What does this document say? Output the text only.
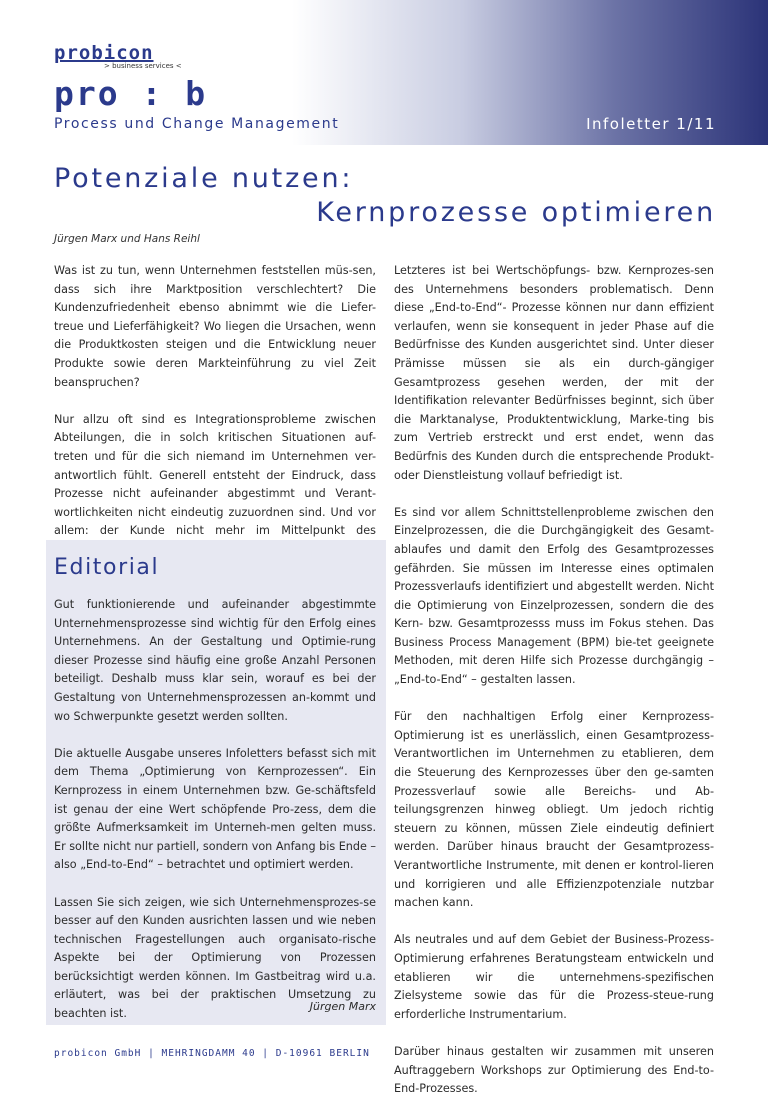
probicon
> business services <
pro : b
Process und Change Management	Infoletter 1/11
Potenziale nutzen:
Kernprozesse optimieren
Jürgen Marx und Hans Reihl

Was ist zu tun, wenn Unternehmen feststellen müs-sen, dass sich ihre Marktposition verschlechtert? Die Kundenzufriedenheit ebenso abnimmt wie die Liefer-treue und Lieferfähigkeit? Wo liegen die Ursachen, wenn die Produktkosten steigen und die Entwicklung neuer Produkte sowie deren Markteinführung zu viel Zeit beanspruchen?

Nur allzu oft sind es Integrationsprobleme zwischen Abteilungen, die in solch kritischen Situationen auf-treten und für die sich niemand im Unternehmen ver-antwortlich fühlt. Generell entsteht der Eindruck, dass Prozesse nicht aufeinander abgestimmt und Verant-wortlichkeiten nicht eindeutig zuzuordnen sind. Und vor allem: der Kunde nicht mehr im Mittelpunkt des

Editorial

Gut funktionierende und aufeinander abgestimmte Unternehmensprozesse sind wichtig für den Erfolg eines Unternehmens. An der Gestaltung und Optimie-rung dieser Prozesse sind häufig eine große Anzahl Personen beteiligt. Deshalb muss klar sein, worauf es bei der Gestaltung von Unternehmensprozessen an-kommt und wo Schwerpunkte gesetzt werden sollten.

Die aktuelle Ausgabe unseres Infoletters befasst sich mit dem Thema „Optimierung von Kernprozessen“. Ein Kernprozess in einem Unternehmen bzw. Ge-schäftsfeld ist genau der eine Wert schöpfende Pro-zess, dem die größte Aufmerksamkeit im Unterneh-men gelten muss. Er sollte nicht nur partiell, sondern von Anfang bis Ende – also „End-to-End“ – betrachtet und optimiert werden.

Lassen Sie sich zeigen, wie sich Unternehmensprozes-se besser auf den Kunden ausrichten lassen und wie neben technischen Fragestellungen auch organisato-rische Aspekte bei der Optimierung von Prozessen berücksichtigt werden können. Im Gastbeitrag wird u.a. erläutert, was bei der praktischen Umsetzung zu beachten ist.

Jürgen Marx

Letzteres ist bei Wertschöpfungs- bzw. Kernprozes-sen des Unternehmens besonders problematisch. Denn diese „End-to-End“- Prozesse können nur dann effizient verlaufen, wenn sie konsequent in jeder Phase auf die Bedürfnisse des Kunden ausgerichtet sind. Unter dieser Prämisse müssen sie als ein durch-gängiger Gesamtprozess gesehen werden, der mit der Identifikation relevanter Bedürfnisses beginnt, sich über die Marktanalyse, Produktentwicklung, Marke-ting bis zum Vertrieb erstreckt und erst endet, wenn das Bedürfnis des Kunden durch die entsprechende Produkt- oder Dienstleistung vollauf befriedigt ist.

Es sind vor allem Schnittstellenprobleme zwischen den Einzelprozessen, die die Durchgängigkeit des Gesamt-ablaufes und damit den Erfolg des Gesamtprozesses gefährden. Sie müssen im Interesse eines optimalen Prozessverlaufs identifiziert und abgestellt werden. Nicht die Optimierung von Einzelprozessen, sondern die des Kern- bzw. Gesamtprozesss muss im Fokus stehen. Das Business Process Management (BPM) bie-tet geeignete Methoden, mit deren Hilfe sich Prozesse durchgängig – „End-to-End“ – gestalten lassen.

Für den nachhaltigen Erfolg einer Kernprozess-Optimierung ist es unerlässlich, einen Gesamtprozess-Verantwortlichen im Unternehmen zu etablieren, dem die Steuerung des Kernprozesses über den ge-samten Prozessverlauf sowie alle Bereichs- und Ab-teilungsgrenzen hinweg obliegt. Um jedoch richtig steuern zu können, müssen Ziele eindeutig definiert werden. Darüber hinaus braucht der Gesamtprozess-Verantwortliche Instrumente, mit denen er kontrol-lieren und korrigieren und alle Effizienzpotenziale nutzbar machen kann.

Als neutrales und auf dem Gebiet der Business-Prozess-Optimierung erfahrenes Beratungsteam entwickeln und etablieren wir die unternehmens-spezifischen Zielsysteme sowie das für die Prozess-steue-rung erforderliche Instrumentarium.

Darüber hinaus gestalten wir zusammen mit unseren Auftraggebern Workshops zur Optimierung des End-to-End-Prozesses.

probicon GmbH | MEHRINGDAMM 40 | D-10961 BERLIN
